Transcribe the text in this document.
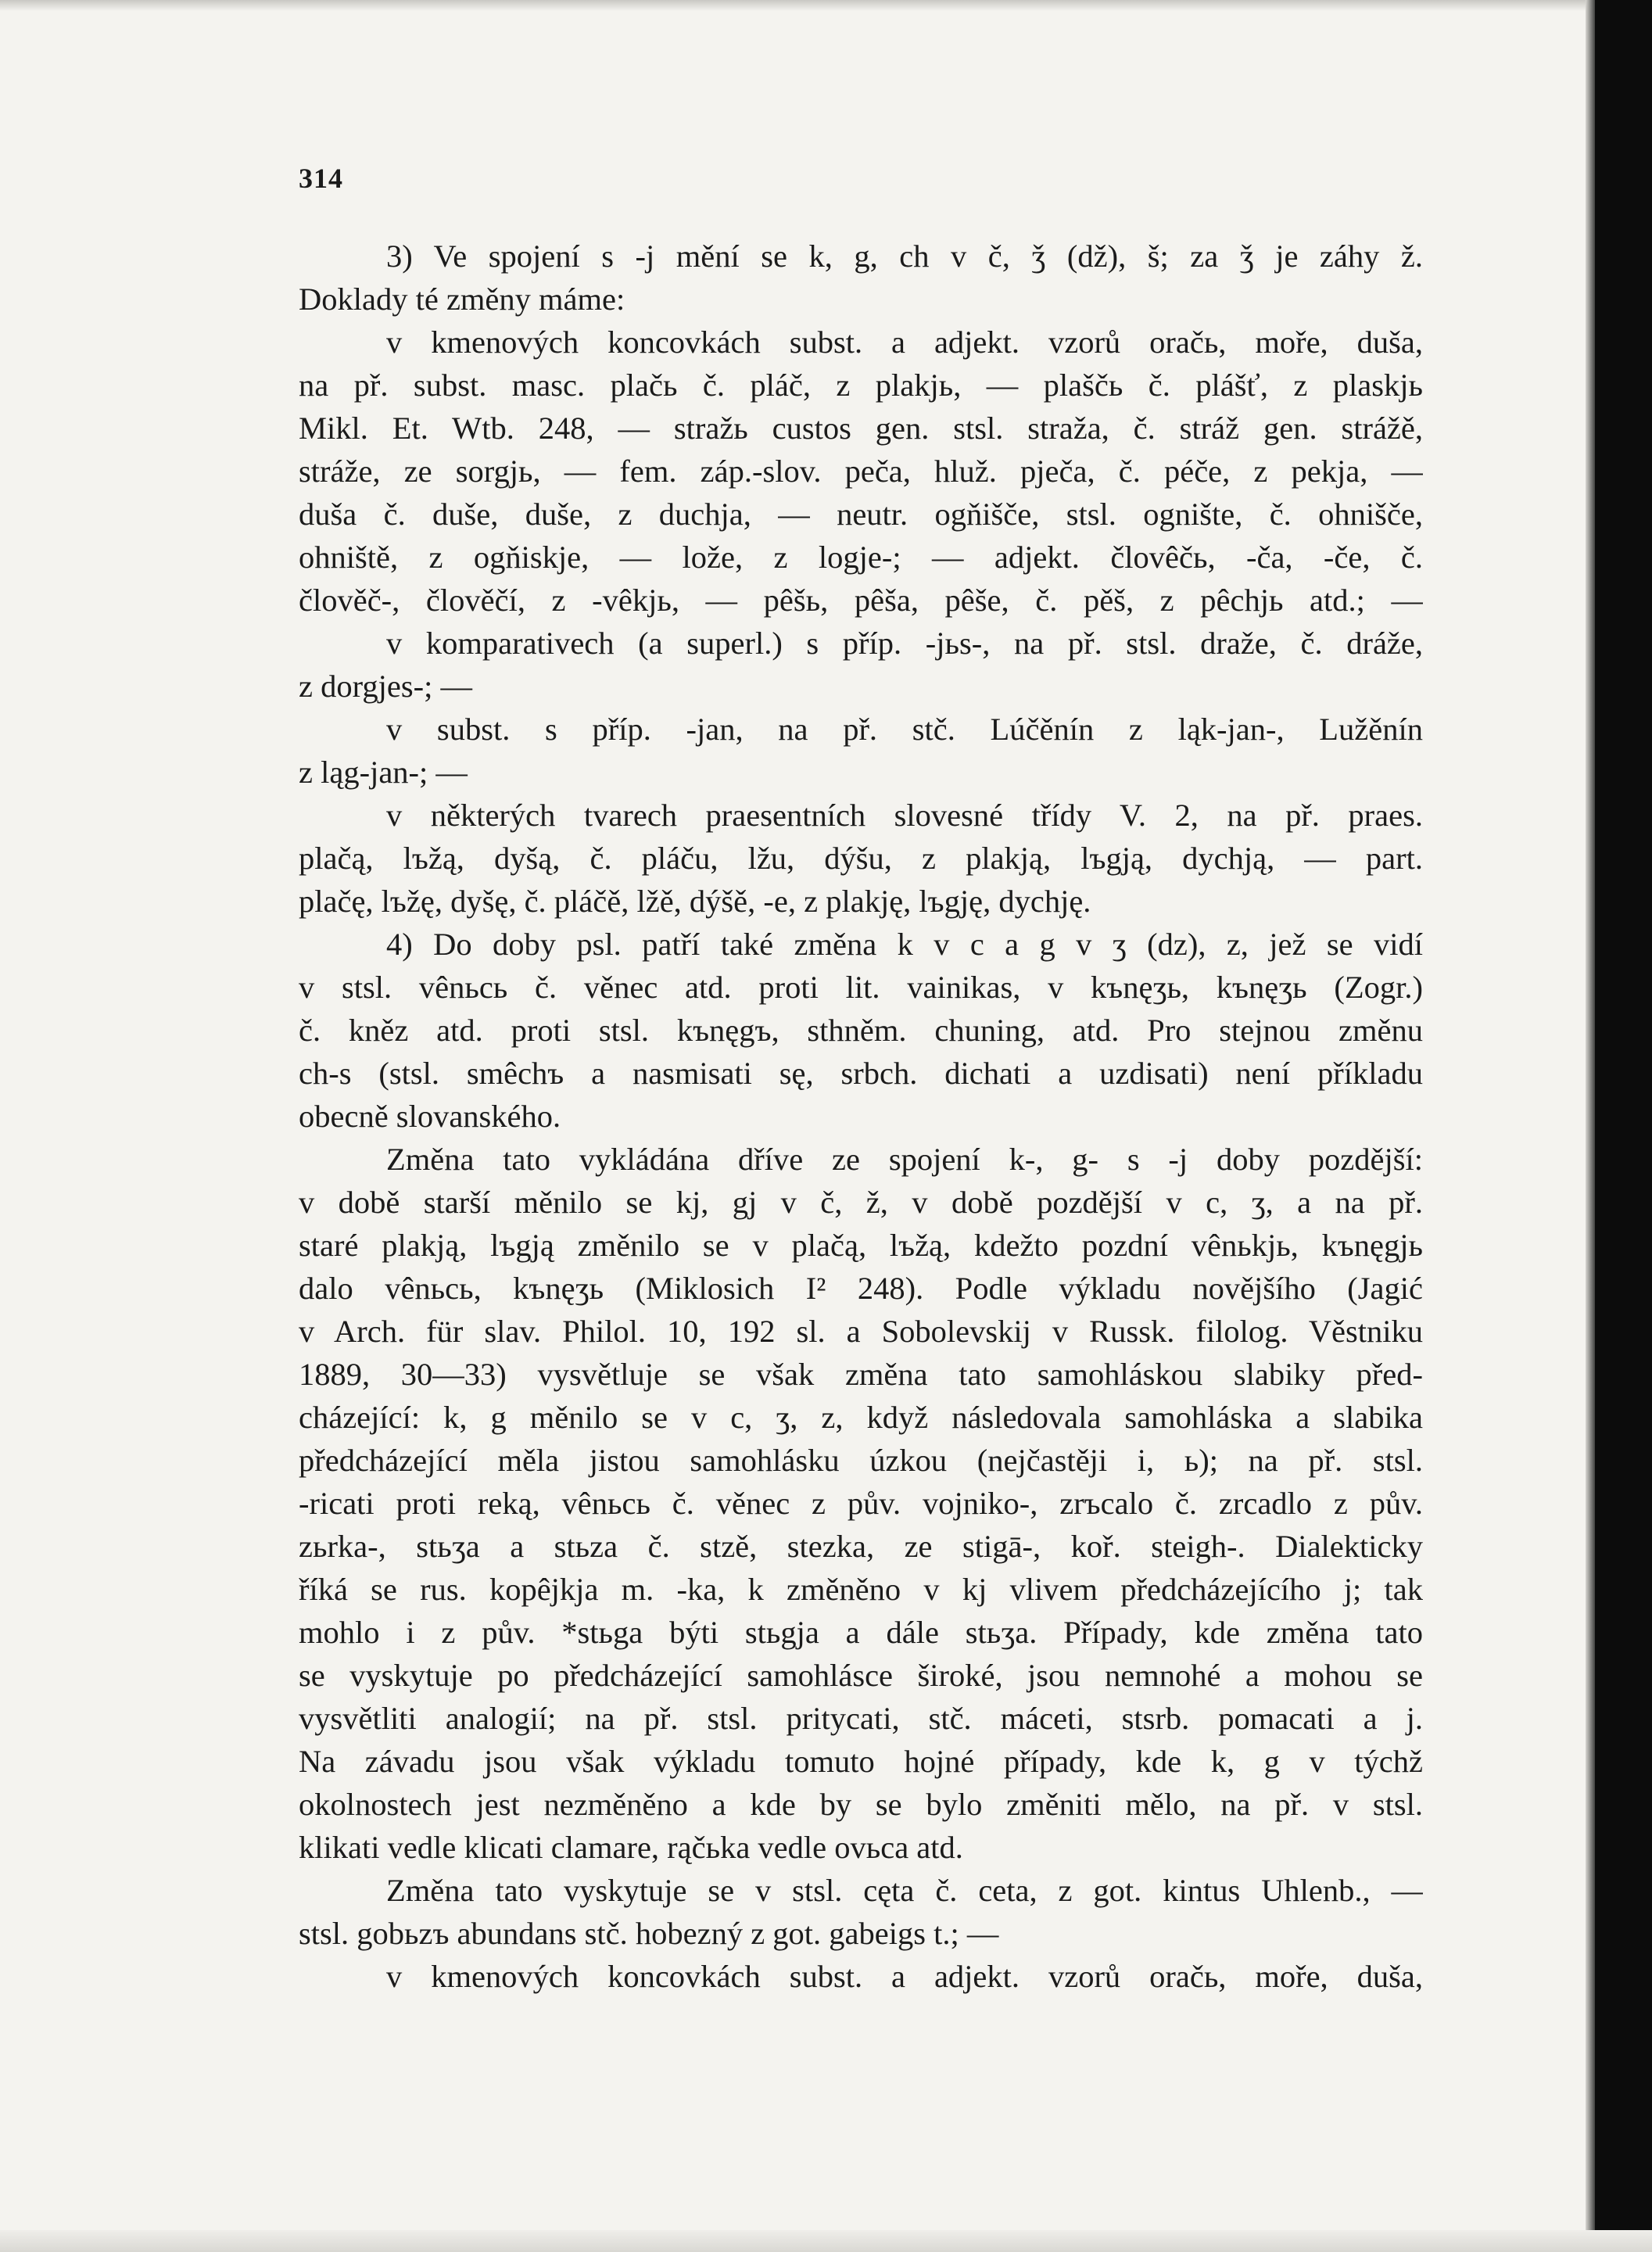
314
3) Ve spojení s -j mění se k, g, ch v č, ǯ (dž), š; za ǯ je záhy ž.
Doklady té změny máme:
v kmenových koncovkách subst. a adjekt. vzorů oračь, moře, duša,
na př. subst. masc. plačь č. pláč, z plakjь, — plaščь č. plášť, z plaskjь
Mikl. Et. Wtb. 248, — stražь custos gen. stsl. straža, č. stráž gen. strážě,
stráže, ze sorgjь, — fem. záp.-slov. peča, hluž. pječa, č. péče, z pekja, —
duša č. duše, duše, z duchja, — neutr. ogňišče, stsl. ognište, č. ohnišče,
ohniště, z ogňiskje, — lože, z logje-; — adjekt. človêčь, -ča, -če, č.
člověč-, člověčí, z -vêkjь, — pêšь, pêša, pêše, č. pěš, z pêchjь atd.; —
v komparativech (a superl.) s příp. -jьs-, na př. stsl. dražе, č. dráže,
z dorgjes-; —
v subst. s příp. -jan, na př. stč. Lúčěnín z ląk-jan-, Lužěnín
z ląg-jan-; —
v některých tvarech praesentních slovesné třídy V. 2, na př. praes.
plačą, lъžą, dyšą, č. pláču, lžu, dýšu, z plakją, lъgją, dychją, — part.
plačę, lъžę, dyšę, č. pláčě, lžě, dýšě, -e, z plakję, lъgję, dychję.
4) Do doby psl. patří také změna k v c a g v ʒ (dz), z, jež se vidí
v stsl. vênьcь č. věnec atd. proti lit. vainikas, v kъnęʒь, kъnęʒь (Zogr.)
č. kněz atd. proti stsl. kъnęgъ, sthněm. chuning, atd. Pro stejnou změnu
ch-s (stsl. smêchъ a nasmisati sę, srbch. dichati a uzdisati) není příkladu
obecně slovanského.
Změna tato vykládána dříve ze spojení k-, g- s -j doby pozdější:
v době starší měnilo se kj, gj v č, ž, v době pozdější v c, ʒ, a na př.
staré plakją, lъgją změnilo se v plačą, lъžą, kdežto pozdní vênьkjь, kъnęgjь
dalo vênьcь, kъnęʒь (Miklosich I² 248). Podle výkladu novějšího (Jagić
v Arch. für slav. Philol. 10, 192 sl. a Sobolevskij v Russk. filolog. Věstniku
1889, 30—33) vysvětluje se však změna tato samohláskou slabiky před-
cházející: k, g měnilo se v c, ʒ, z, když následovala samohláska a slabika
předcházející měla jistou samohlásku úzkou (nejčastěji i, ь); na př. stsl.
-ricati proti reką, vênьcь č. věnec z pův. vojniko-, zrъcalo č. zrcadlo z pův.
zьrka-, stьʒa a stьza č. stzě, stezka, ze stigā-, koř. steigh-. Dialekticky
říká se rus. kopêjkja m. -ka, k změněno v kj vlivem předcházejícího j; tak
mohlo i z pův. *stьga býti stьgja a dále stьʒa. Případy, kde změna tato
se vyskytuje po předcházející samohlásce široké, jsou nemnohé a mohou se
vysvětliti analogií; na př. stsl. pritycati, stč. máceti, stsrb. pomacati a j.
Na závadu jsou však výkladu tomuto hojné případy, kde k, g v týchž
okolnostech jest nezměněno a kde by se bylo změniti mělo, na př. v stsl.
klikati vedle klicati clamare, rąčьka vedle ovьca atd.
Změna tato vyskytuje se v stsl. cęta č. ceta, z got. kintus Uhlenb., —
stsl. gobьzъ abundans stč. hobezný z got. gabeigs t.; —
v kmenových koncovkách subst. a adjekt. vzorů oračь, moře, duša,
